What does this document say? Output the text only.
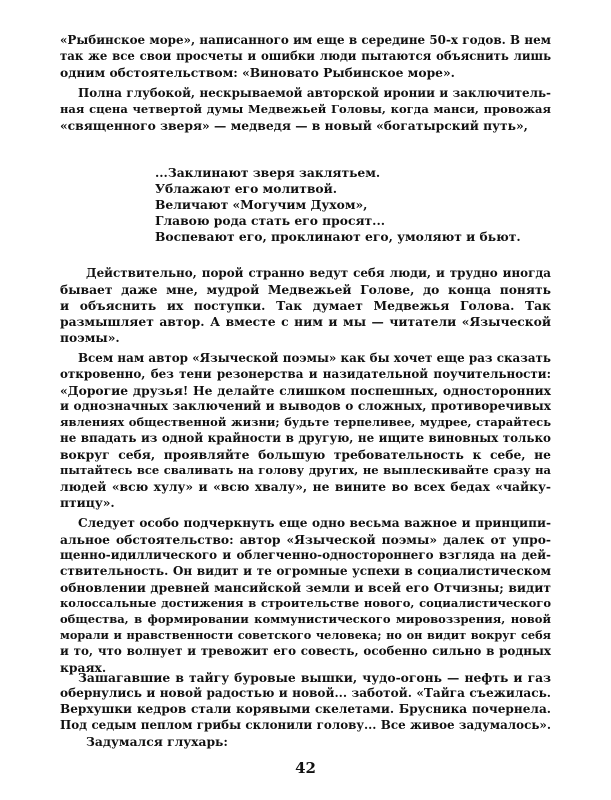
«Рыбинское море», написанного им еще в середине 50-х годов. В нем
так же все свои просчеты и ошибки люди пытаются объяснить лишь
одним обстоятельством: «Виновато Рыбинское море».
Полна глубокой, нескрываемой авторской иронии и заключитель-
ная сцена четвертой думы Медвежьей Головы, когда манси, провожая
«священного зверя» — медведя — в новый «богатырский путь»,
...Заклинают зверя заклятьем.
Ублажают его молитвой.
Величают «Могучим Духом»,
Главою рода стать его просят...
Воспевают его, проклинают его, умоляют и бьют.
Действительно, порой странно ведут себя люди, и трудно иногда
бывает даже мне, мудрой Медвежьей Голове, до конца понять
и объяснить их поступки. Так думает Медвежья Голова. Так
размышляет автор. А вместе с ним и мы — читатели «Языческой
поэмы».
Всем нам автор «Языческой поэмы» как бы хочет еще раз сказать
откровенно, без тени резонерства и назидательной поучительности:
«Дорогие друзья! Не делайте слишком поспешных, односторонних
и однозначных заключений и выводов о сложных, противоречивых
явлениях общественной жизни; будьте терпеливее, мудрее, старайтесь
не впадать из одной крайности в другую, не ищите виновных только
вокруг себя, проявляйте большую требовательность к себе, не
пытайтесь все сваливать на голову других, не выплескивайте сразу на
людей «всю хулу» и «всю хвалу», не вините во всех бедах «чайку-
птицу».
Следует особо подчеркнуть еще одно весьма важное и принципи-
альное обстоятельство: автор «Языческой поэмы» далек от упро-
щенно-идиллического и облегченно-одностороннего взгляда на дей-
ствительность. Он видит и те огромные успехи в социалистическом
обновлении древней мансийской земли и всей его Отчизны; видит
колоссальные достижения в строительстве нового, социалистического
общества, в формировании коммунистического мировоззрения, новой
морали и нравственности советского человека; но он видит вокруг себя
и то, что волнует и тревожит его совесть, особенно сильно в родных
краях.
Зашагавшие в тайгу буровые вышки, чудо-огонь — нефть и газ
обернулись и новой радостью и новой... заботой. «Тайга съежилась.
Верхушки кедров стали корявыми скелетами. Брусника почернела.
Под седым пеплом грибы склонили голову... Все живое задумалось».
Задумался глухарь:
42
